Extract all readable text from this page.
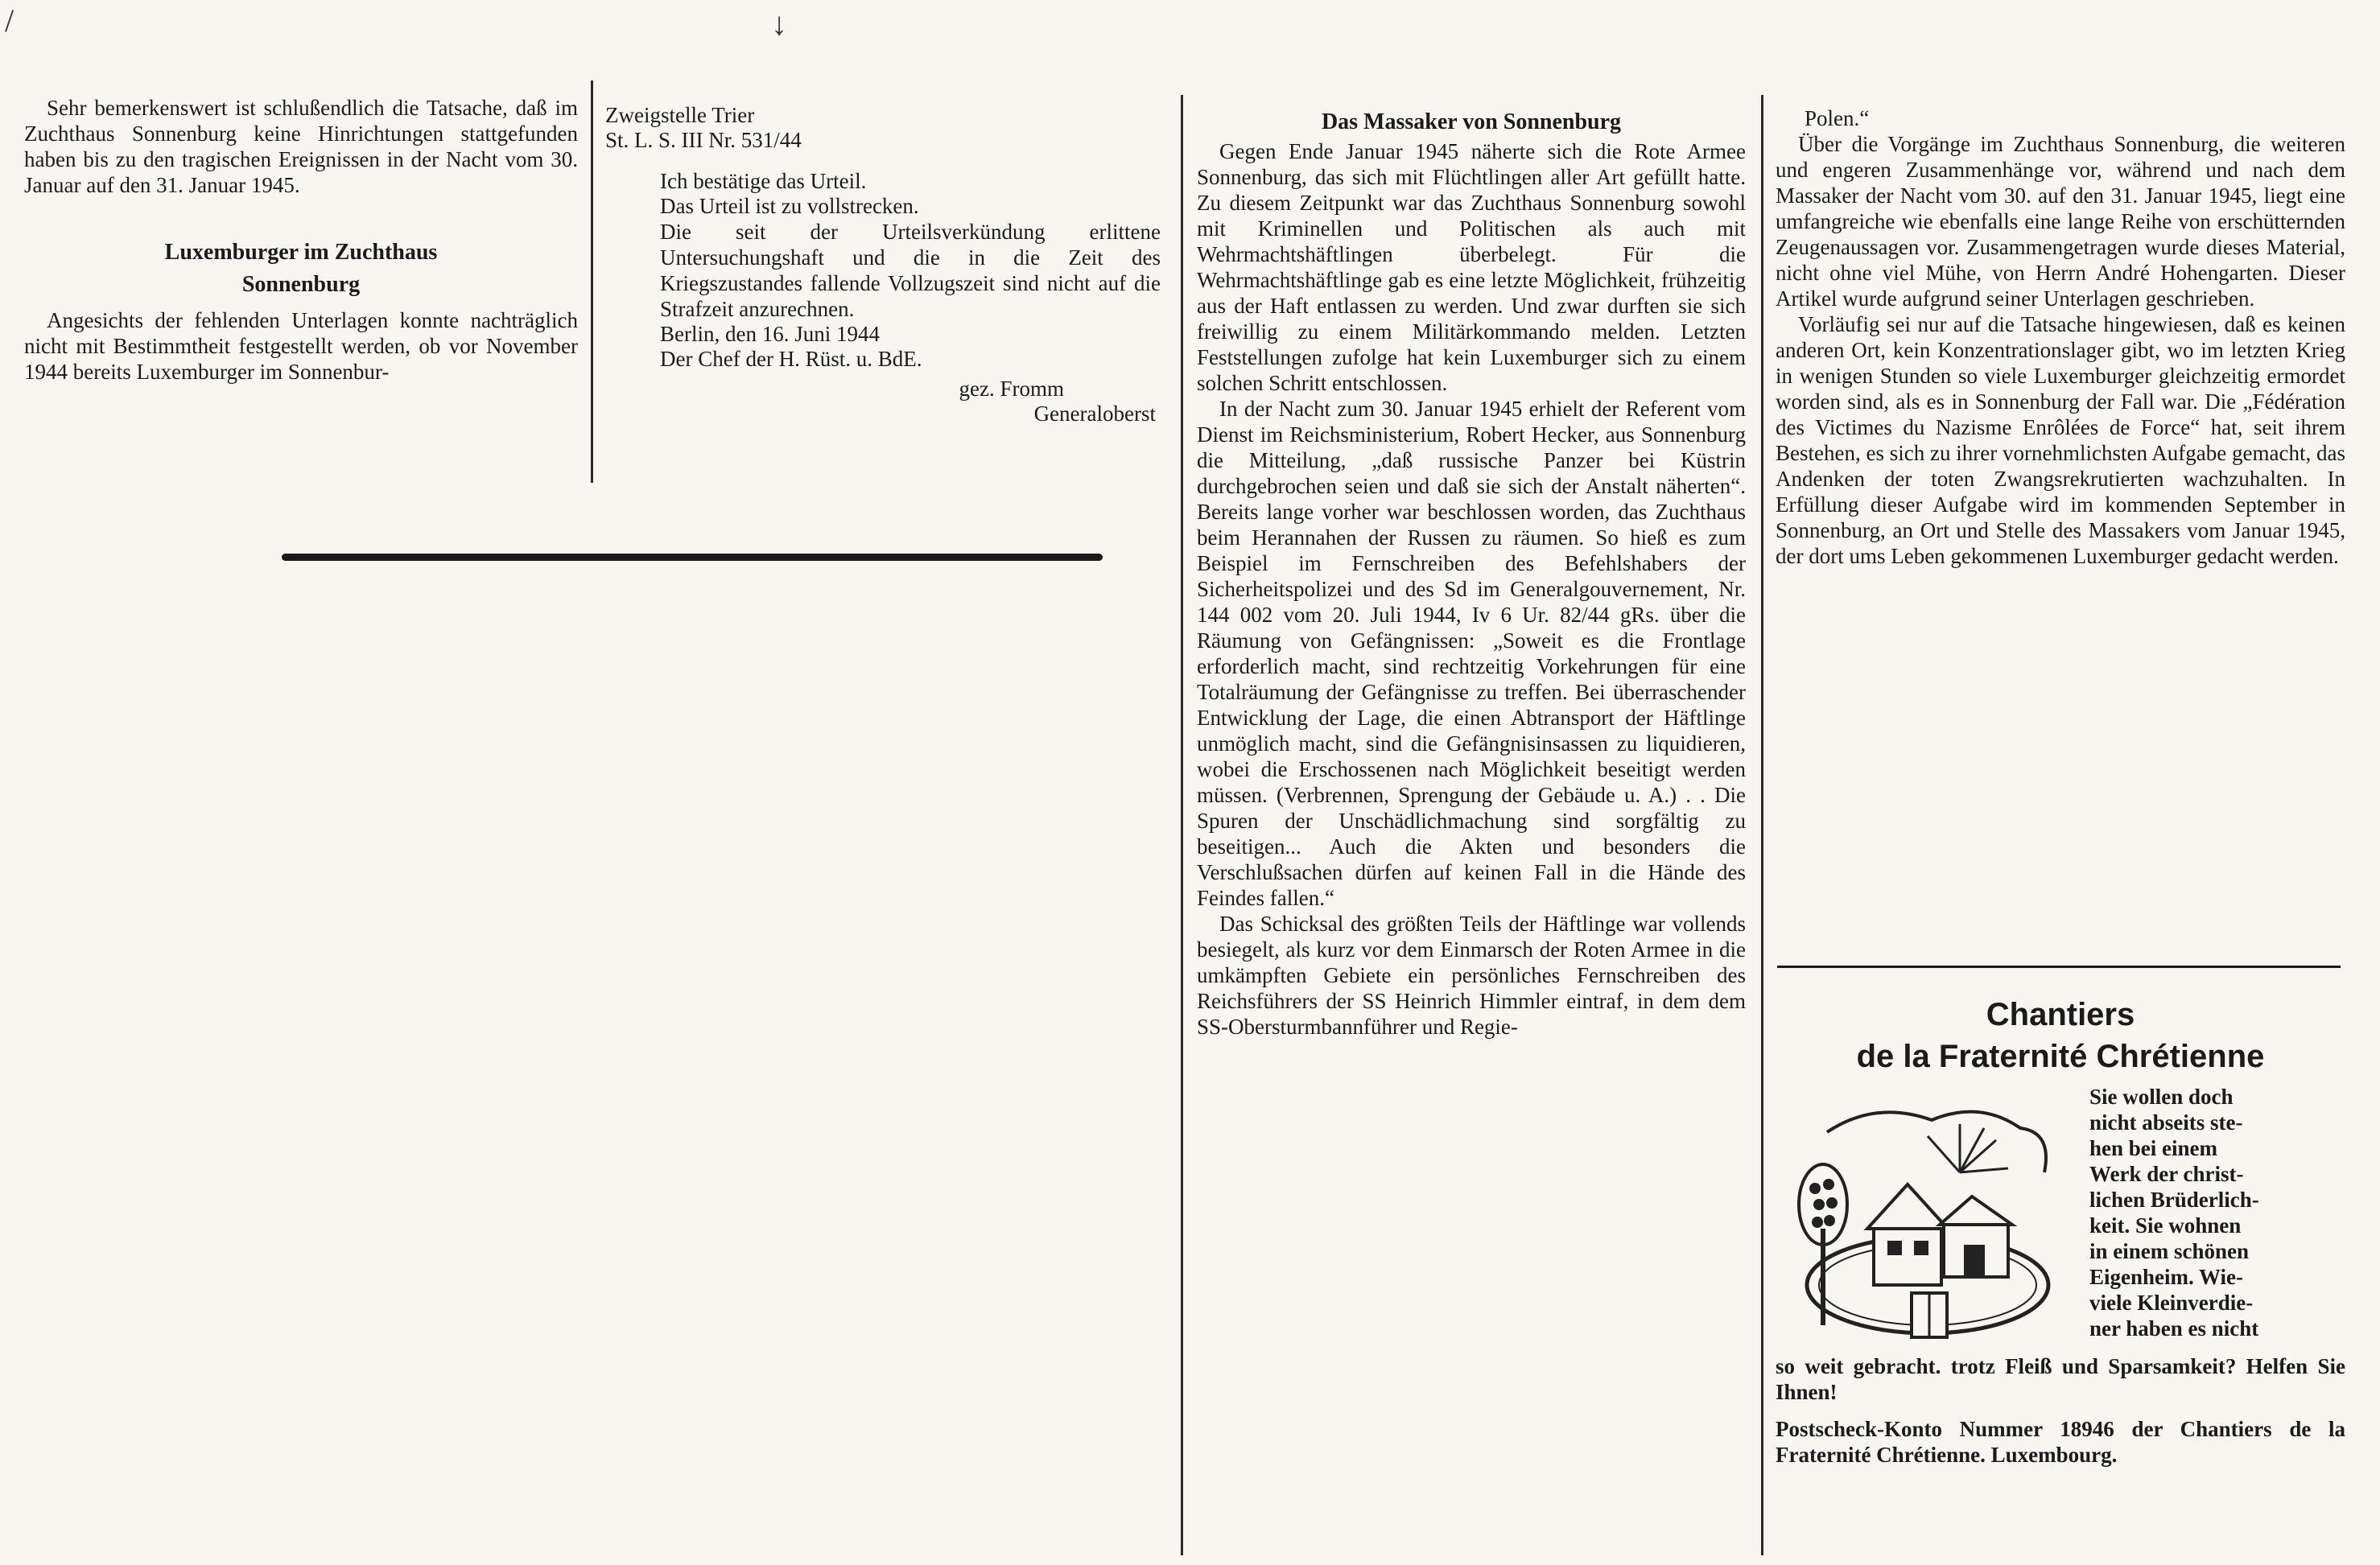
Sehr bemerkenswert ist schlußendlich die Tatsache, daß im Zuchthaus Sonnenburg keine Hinrichtungen stattgefunden haben bis zu den tragischen Ereignissen in der Nacht vom 30. Januar auf den 31. Januar 1945.

Luxemburger im Zuchthaus

Sonnenburg

Angesichts der fehlenden Unterlagen konnte nachträglich nicht mit Bestimmtheit festgestellt werden, ob vor November 1944 bereits Luxemburger im Sonnenbur-

Zweigstelle Trier

St. L. S. III Nr. 531/44

Ich bestätige das Urteil.

Das Urteil ist zu vollstrecken.

Die seit der Urteilsverkündung erlittene Untersuchungshaft und die in die Zeit des Kriegszustandes fallende Vollzugszeit sind nicht auf die Strafzeit anzurechnen.

Berlin, den 16. Juni 1944

Der Chef der H. Rüst. u. BdE.

gez. Fromm

Generaloberst

Das Massaker von Sonnenburg

Gegen Ende Januar 1945 näherte sich die Rote Armee Sonnenburg, das sich mit Flüchtlingen aller Art gefüllt hatte. Zu diesem Zeitpunkt war das Zuchthaus Sonnenburg sowohl mit Kriminellen und Politischen als auch mit Wehrmachtshäftlingen überbelegt. Für die Wehrmachtshäftlinge gab es eine letzte Möglichkeit, frühzeitig aus der Haft entlassen zu werden. Und zwar durften sie sich freiwillig zu einem Militärkommando melden. Letzten Feststellungen zufolge hat kein Luxemburger sich zu einem solchen Schritt entschlossen.

In der Nacht zum 30. Januar 1945 erhielt der Referent vom Dienst im Reichsministerium, Robert Hecker, aus Sonnenburg die Mitteilung, „daß russische Panzer bei Küstrin durchgebrochen seien und daß sie sich der Anstalt näherten“. Bereits lange vorher war beschlossen worden, das Zuchthaus beim Herannahen der Russen zu räumen. So hieß es zum Beispiel im Fernschreiben des Befehlshabers der Sicherheitspolizei und des Sd im Generalgouvernement, Nr. 144 002 vom 20. Juli 1944, Iv 6 Ur. 82/44 gRs. über die Räumung von Gefängnissen: „Soweit es die Frontlage erforderlich macht, sind rechtzeitig Vorkehrungen für eine Totalräumung der Gefängnisse zu treffen. Bei überraschender Entwicklung der Lage, die einen Abtransport der Häftlinge unmöglich macht, sind die Gefängnisinsassen zu liquidieren, wobei die Erschossenen nach Möglichkeit beseitigt werden müssen. (Verbrennen, Sprengung der Gebäude u. A.) . . Die Spuren der Unschädlichmachung sind sorgfältig zu beseitigen... Auch die Akten und besonders die Verschlußsachen dürfen auf keinen Fall in die Hände des Feindes fallen.“

Das Schicksal des größten Teils der Häftlinge war vollends besiegelt, als kurz vor dem Einmarsch der Roten Armee in die umkämpften Gebiete ein persönliches Fernschreiben des Reichsführers der SS Heinrich Himmler eintraf, in dem dem SS-Obersturmbannführer und Regie-

Polen.“

Über die Vorgänge im Zuchthaus Sonnenburg, die weiteren und engeren Zusammenhänge vor, während und nach dem Massaker der Nacht vom 30. auf den 31. Januar 1945, liegt eine umfangreiche wie ebenfalls eine lange Reihe von erschütternden Zeugenaussagen vor. Zusammengetragen wurde dieses Material, nicht ohne viel Mühe, von Herrn André Hohengarten. Dieser Artikel wurde aufgrund seiner Unterlagen geschrieben.

Vorläufig sei nur auf die Tatsache hingewiesen, daß es keinen anderen Ort, kein Konzentrationslager gibt, wo im letzten Krieg in wenigen Stunden so viele Luxemburger gleichzeitig ermordet worden sind, als es in Sonnenburg der Fall war. Die „Fédération des Victimes du Nazisme Enrôlées de Force“ hat, seit ihrem Bestehen, es sich zu ihrer vornehmlichsten Aufgabe gemacht, das Andenken der toten Zwangsrekrutierten wachzuhalten. In Erfüllung dieser Aufgabe wird im kommenden September in Sonnenburg, an Ort und Stelle des Massakers vom Januar 1945, der dort ums Leben gekommenen Luxemburger gedacht werden.

Chantiers

de la Fraternité Chrétienne

Sie wollen doch

nicht abseits ste-

hen bei einem

Werk der christ-

lichen Brüderlich-

keit. Sie wohnen

in einem schönen

Eigenheim. Wie-

viele Kleinverdie-

ner haben es nicht

so weit gebracht. trotz Fleiß und Sparsamkeit? Helfen Sie Ihnen!

Postscheck-Konto Nummer 18946 der Chantiers de la Fraternité Chrétienne. Luxembourg.

↓
/
